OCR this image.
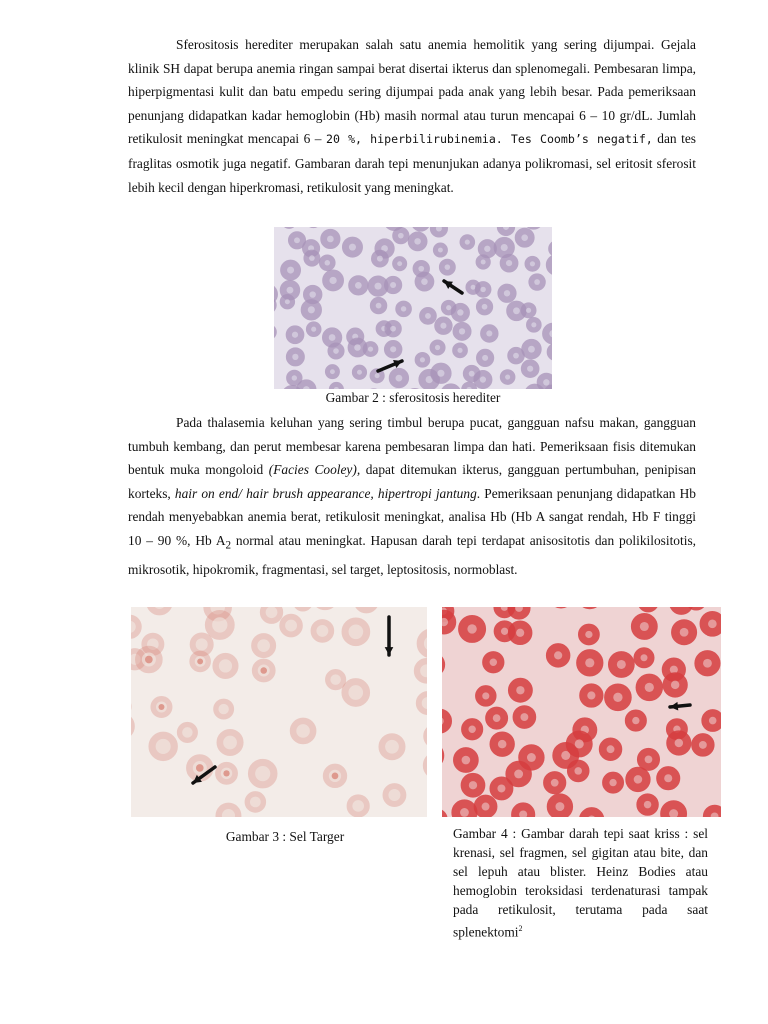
Sferositosis herediter merupakan salah satu anemia hemolitik yang sering dijumpai. Gejala klinik SH dapat berupa anemia ringan sampai berat disertai ikterus dan splenomegali. Pembesaran limpa, hiperpigmentasi kulit dan batu empedu sering dijumpai pada anak yang lebih besar. Pada pemeriksaan penunjang didapatkan kadar hemoglobin (Hb) masih normal atau turun mencapai 6 – 10 gr/dL. Jumlah retikulosit meningkat mencapai 6 – 20 %, hiperbilirubinemia. Tes Coomb’s negatif, dan tes fraglitas osmotik juga negatif. Gambaran darah tepi menunjukan adanya polikromasi, sel eritosit sferosit lebih kecil dengan hiperkromasi, retikulosit yang meningkat.

Gambar 2 : sferositosis herediter

Pada thalasemia keluhan yang sering timbul berupa pucat, gangguan nafsu makan, gangguan tumbuh kembang, dan perut membesar karena pembesaran limpa dan hati. Pemeriksaan fisis ditemukan bentuk muka mongoloid (Facies Cooley), dapat ditemukan ikterus, gangguan pertumbuhan, penipisan korteks, hair on end/ hair brush appearance, hipertropi jantung. Pemeriksaan penunjang didapatkan Hb rendah menyebabkan anemia berat, retikulosit meningkat, analisa Hb (Hb A sangat rendah, Hb F tinggi 10 – 90 %, Hb $A_2$ normal atau meningkat. Hapusan darah tepi terdapat anisositotis dan polikilositotis, mikrosotik, hipokromik, fragmentasi, sel target, leptositosis, normoblast.

Gambar 3 : Sel Targer	Gambar 4 : Gambar darah tepi saat kriss : sel krenasi, sel fragmen, sel gigitan atau bite, dan sel lepuh atau blister. Heinz Bodies atau hemoglobin teroksidasi terdenaturasi tampak pada retikulosit, terutama pada saat splenektomi$^2$
